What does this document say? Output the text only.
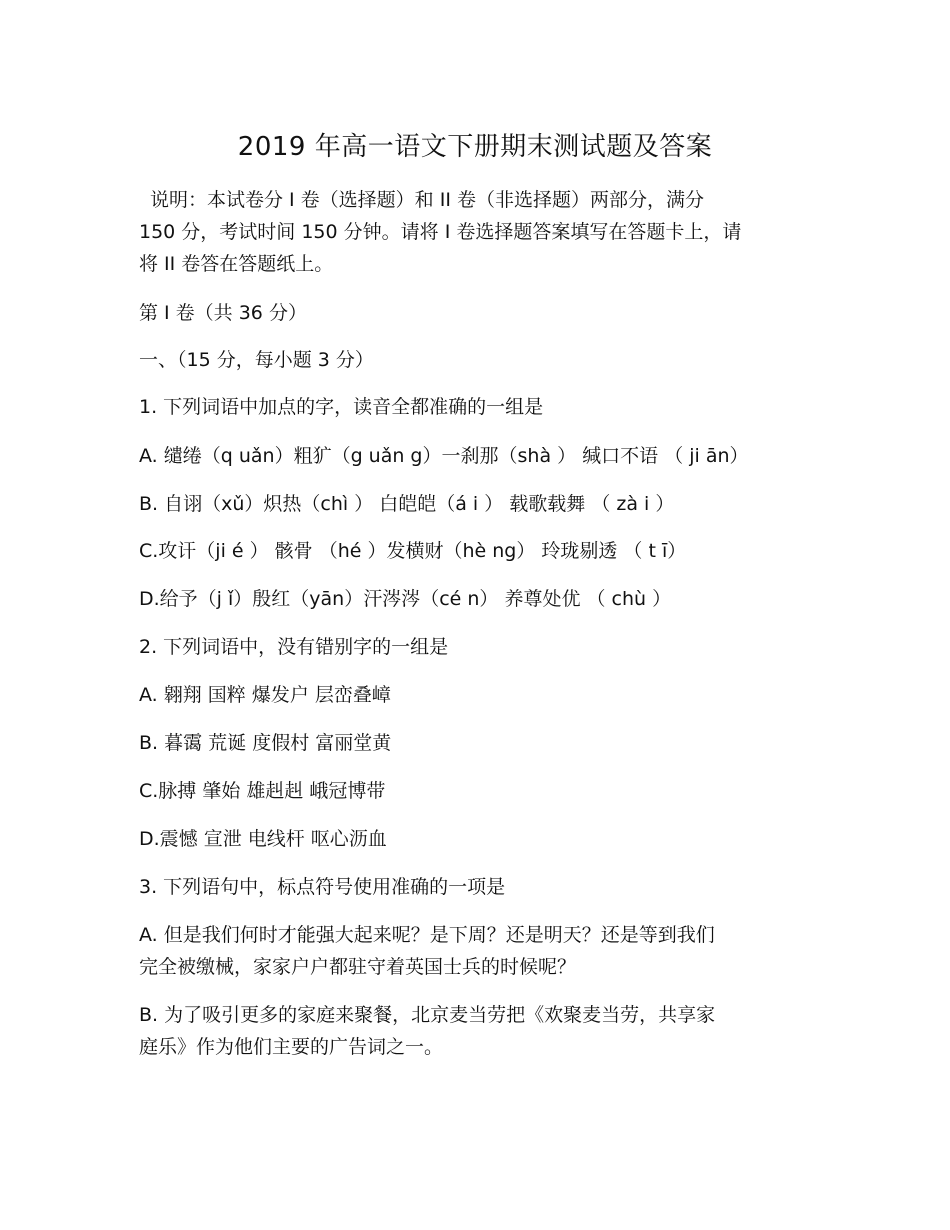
2019 年高一语文下册期末测试题及答案
说明：本试卷分 I 卷（选择题）和 II 卷（非选择题）两部分，满分
150 分，考试时间 150 分钟。请将 I 卷选择题答案填写在答题卡上，请
将 II 卷答在答题纸上。
第 I 卷（共 36 分）
一、（15 分，每小题 3 分）
1. 下列词语中加点的字，读音全都准确的一组是
A. 缱绻（q uǎn）粗犷（g uǎn g）一刹那（shà ） 缄口不语 （ ji ān）
B. 自诩（xǔ）炽热（chì ） 白皑皑（á i ） 载歌载舞 （ zà i ）
C.攻讦（ji é ） 骸骨 （hé ）发横财（hè ng） 玲珑剔透 （ t ī）
D.给予（j ǐ）殷红（yān）汗涔涔（cé n） 养尊处优 （ chù ）
2. 下列词语中，没有错别字的一组是
A. 翱翔 国粹 爆发户 层峦叠嶂
B. 暮霭 荒诞 度假村 富丽堂黄
C.脉搏 肇始 雄赳赳 峨冠博带
D.震憾 宣泄 电线杆 呕心沥血
3. 下列语句中，标点符号使用准确的一项是
A. 但是我们何时才能强大起来呢？是下周？还是明天？还是等到我们
完全被缴械，家家户户都驻守着英国士兵的时候呢？
B. 为了吸引更多的家庭来聚餐，北京麦当劳把《欢聚麦当劳，共享家
庭乐》作为他们主要的广告词之一。
